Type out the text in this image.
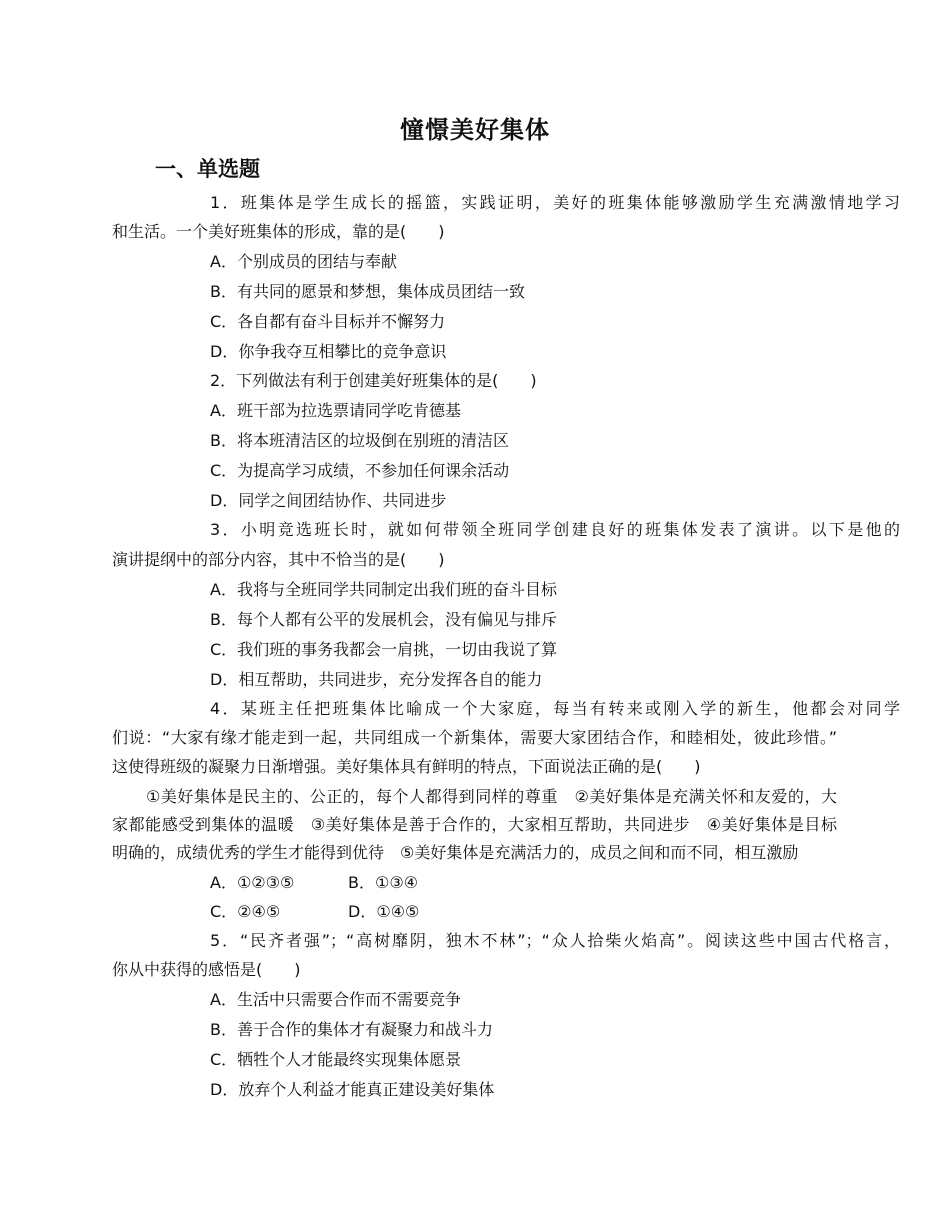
憧憬美好集体
一、单选题
1．班集体是学生成长的摇篮，实践证明，美好的班集体能够激励学生充满激情地学习
和生活。一个美好班集体的形成，靠的是(　　)
A．个别成员的团结与奉献
B．有共同的愿景和梦想，集体成员团结一致
C．各自都有奋斗目标并不懈努力
D．你争我夺互相攀比的竞争意识
2．下列做法有利于创建美好班集体的是(　　)
A．班干部为拉选票请同学吃肯德基
B．将本班清洁区的垃圾倒在别班的清洁区
C．为提高学习成绩，不参加任何课余活动
D．同学之间团结协作、共同进步
3．小明竞选班长时，就如何带领全班同学创建良好的班集体发表了演讲。以下是他的
演讲提纲中的部分内容，其中不恰当的是(　　)
A．我将与全班同学共同制定出我们班的奋斗目标
B．每个人都有公平的发展机会，没有偏见与排斥
C．我们班的事务我都会一肩挑，一切由我说了算
D．相互帮助，共同进步，充分发挥各自的能力
4．某班主任把班集体比喻成一个大家庭，每当有转来或刚入学的新生，他都会对同学
们说：“大家有缘才能走到一起，共同组成一个新集体，需要大家团结合作，和睦相处，彼此珍惜。”
这使得班级的凝聚力日渐增强。美好集体具有鲜明的特点，下面说法正确的是(　　)
①美好集体是民主的、公正的，每个人都得到同样的尊重　②美好集体是充满关怀和友爱的，大
家都能感受到集体的温暖　③美好集体是善于合作的，大家相互帮助，共同进步　④美好集体是目标
明确的，成绩优秀的学生才能得到优待　⑤美好集体是充满活力的，成员之间和而不同，相互激励
A．①②③⑤	B．①③④
C．②④⑤	D．①④⑤
5．“民齐者强”；“高树靡阴，独木不林”；“众人拾柴火焰高”。阅读这些中国古代格言，
你从中获得的感悟是(　　)
A．生活中只需要合作而不需要竞争
B．善于合作的集体才有凝聚力和战斗力
C．牺牲个人才能最终实现集体愿景
D．放弃个人利益才能真正建设美好集体
